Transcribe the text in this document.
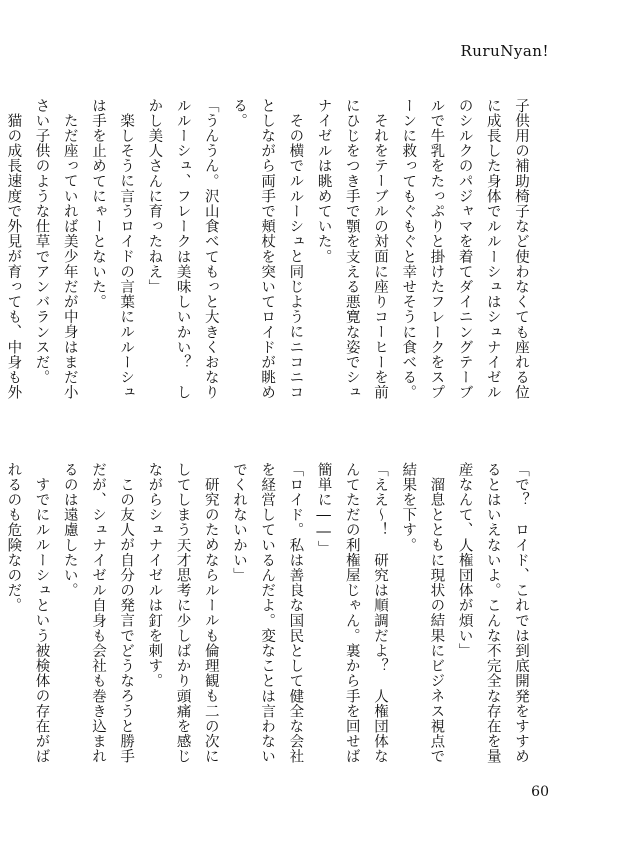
RuruNyan!

子供用の補助椅子など使わなくても座れる位に成長した身体でルルーシュはシュナイゼルのシルクのパジャマを着てダイニングテーブルで牛乳をたっぷりと掛けたフレークをスプーンに救ってもぐもぐと幸せそうに食べる。

それをテーブルの対面に座りコーヒーを前にひじをつき手で顎を支える悪寛な姿でシュナイゼルは眺めていた。

その横でルルーシュと同じようにニコニコとしながら両手で頬杖を突いてロイドが眺める。

「うんうん。沢山食べてもっと大きくおなりルルーシュ、フレークは美味しいかい？　しかし美人さんに育ったねえ」

楽しそうに言うロイドの言葉にルルーシュは手を止めてにゃーとないた。

ただ座っていれば美少年だが中身はまだ小さい子供のような仕草でアンバランスだ。

猫の成長速度で外見が育っても、中身も外

「で？　ロイド、これでは到底開発をすすめるとはいえないよ。こんな不完全な存在を量産なんて、人権団体が煩い」

溜息とともに現状の結果にビジネス視点で結果を下す。

「ええ～！　研究は順調だよ？　人権団体なんてただの利権屋じゃん。裏から手を回せば簡単に――」

「ロイド。私は善良な国民として健全な会社を経営しているんだよ。変なことは言わないでくれないかい」

研究のためならルールも倫理観も二の次にしてしまう天才思考に少しばかり頭痛を感じながらシュナイゼルは釘を刺す。

この友人が自分の発言でどうなろうと勝手だが、シュナイゼル自身も会社も巻き込まれるのは遠慮したい。

すでにルルーシュという被検体の存在がばれるのも危険なのだ。

60
